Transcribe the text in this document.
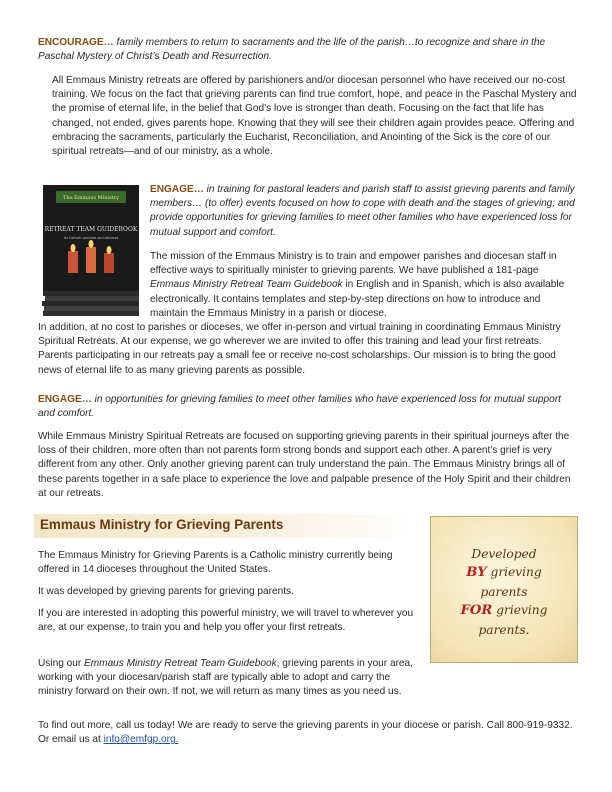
ENCOURAGE… family members to return to sacraments and the life of the parish…to recognize and share in the Paschal Mystery of Christ’s Death and Resurrection.

All Emmaus Ministry retreats are offered by parishioners and/or diocesan personnel who have received our no-cost training. We focus on the fact that grieving parents can find true comfort, hope, and peace in the Paschal Mystery and the promise of eternal life, in the belief that God’s love is stronger than death. Focusing on the fact that life has changed, not ended, gives parents hope. Knowing that they will see their children again provides peace. Offering and embracing the sacraments, particularly the Eucharist, Reconciliation, and Anointing of the Sick is the core of our spiritual retreats—and of our ministry, as a whole.

The Emmaus Ministry
RETREAT TEAM GUIDEBOOK
for Catholic parishes and dioceses

ENGAGE… in training for pastoral leaders and parish staff to assist grieving parents and family members… (to offer) events focused on how to cope with death and the stages of grieving; and provide opportunities for grieving families to meet other families who have experienced loss for mutual support and comfort.

The mission of the Emmaus Ministry is to train and empower parishes and diocesan staff in effective ways to spiritually minister to grieving parents. We have published a 181-page Emmaus Ministry Retreat Team Guidebook in English and in Spanish, which is also available electronically. It contains templates and step-by-step directions on how to introduce and maintain the Emmaus Ministry in a parish or diocese.

In addition, at no cost to parishes or dioceses, we offer in-person and virtual training in coordinating Emmaus Ministry Spiritual Retreats. At our expense, we go wherever we are invited to offer this training and lead your first retreats. Parents participating in our retreats pay a small fee or receive no-cost scholarships. Our mission is to bring the good news of eternal life to as many grieving parents as possible.

ENGAGE… in opportunities for grieving families to meet other families who have experienced loss for mutual support and comfort.

While Emmaus Ministry Spiritual Retreats are focused on supporting grieving parents in their spiritual journeys after the loss of their children, more often than not parents form strong bonds and support each other. A parent’s grief is very different from any other. Only another grieving parent can truly understand the pain. The Emmaus Ministry brings all of these parents together in a safe place to experience the love and palpable presence of the Holy Spirit and their children at our retreats.

Emmaus Ministry for Grieving Parents

The Emmaus Ministry for Grieving Parents is a Catholic ministry currently being offered in 14 dioceses throughout the United States.

It was developed by grieving parents for grieving parents.

If you are interested in adopting this powerful ministry, we will travel to wherever you are, at our expense, to train you and help you offer your first retreats.

Using our Emmaus Ministry Retreat Team Guidebook, grieving parents in your area, working with your diocesan/parish staff are typically able to adopt and carry the ministry forward on their own. If not, we will return as many times as you need us.

To find out more, call us today! We are ready to serve the grieving parents in your diocese or parish. Call 800-919-9332. Or email us at info@emfgp.org.

Developed
BY grieving
parents
FOR grieving
parents.
